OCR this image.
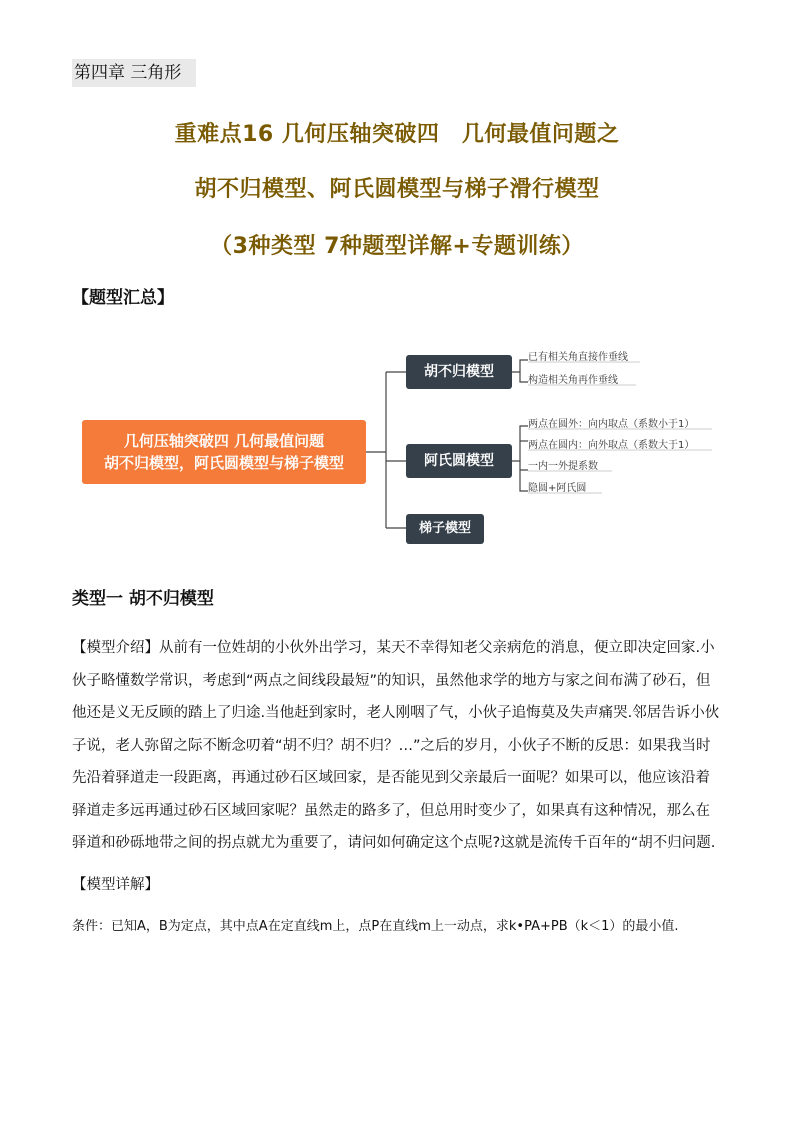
第四章 三角形
重难点16 几何压轴突破四　几何最值问题之
胡不归模型、阿氏圆模型与梯子滑行模型
（3种类型 7种题型详解+专题训练）
【题型汇总】
几何压轴突破四 几何最值问题
胡不归模型，阿氏圆模型与梯子模型
胡不归模型
阿氏圆模型
梯子模型
已有相关角直接作垂线
构造相关角再作垂线
两点在圆外：向内取点（系数小于1）
两点在圆内：向外取点（系数大于1）
一内一外提系数
隐圆+阿氏圆
类型一 胡不归模型

【模型介绍】从前有一位姓胡的小伙外出学习，某天不幸得知老父亲病危的消息，便立即决定回家.小伙子略懂数学常识，考虑到“两点之间线段最短”的知识，虽然他求学的地方与家之间布满了砂石，但他还是义无反顾的踏上了归途.当他赶到家时，老人刚咽了气，小伙子追悔莫及失声痛哭.邻居告诉小伙子说，老人弥留之际不断念叨着“胡不归？胡不归？…”之后的岁月，小伙子不断的反思：如果我当时先沿着驿道走一段距离，再通过砂石区域回家，是否能见到父亲最后一面呢？如果可以，他应该沿着驿道走多远再通过砂石区域回家呢？虽然走的路多了，但总用时变少了，如果真有这种情况，那么在驿道和砂砾地带之间的拐点就尤为重要了，请问如何确定这个点呢?这就是流传千百年的“胡不归问题.

【模型详解】
条件：已知A，B为定点，其中点A在定直线m上，点P在直线m上一动点，求k•PA+PB（k＜1）的最小值.
